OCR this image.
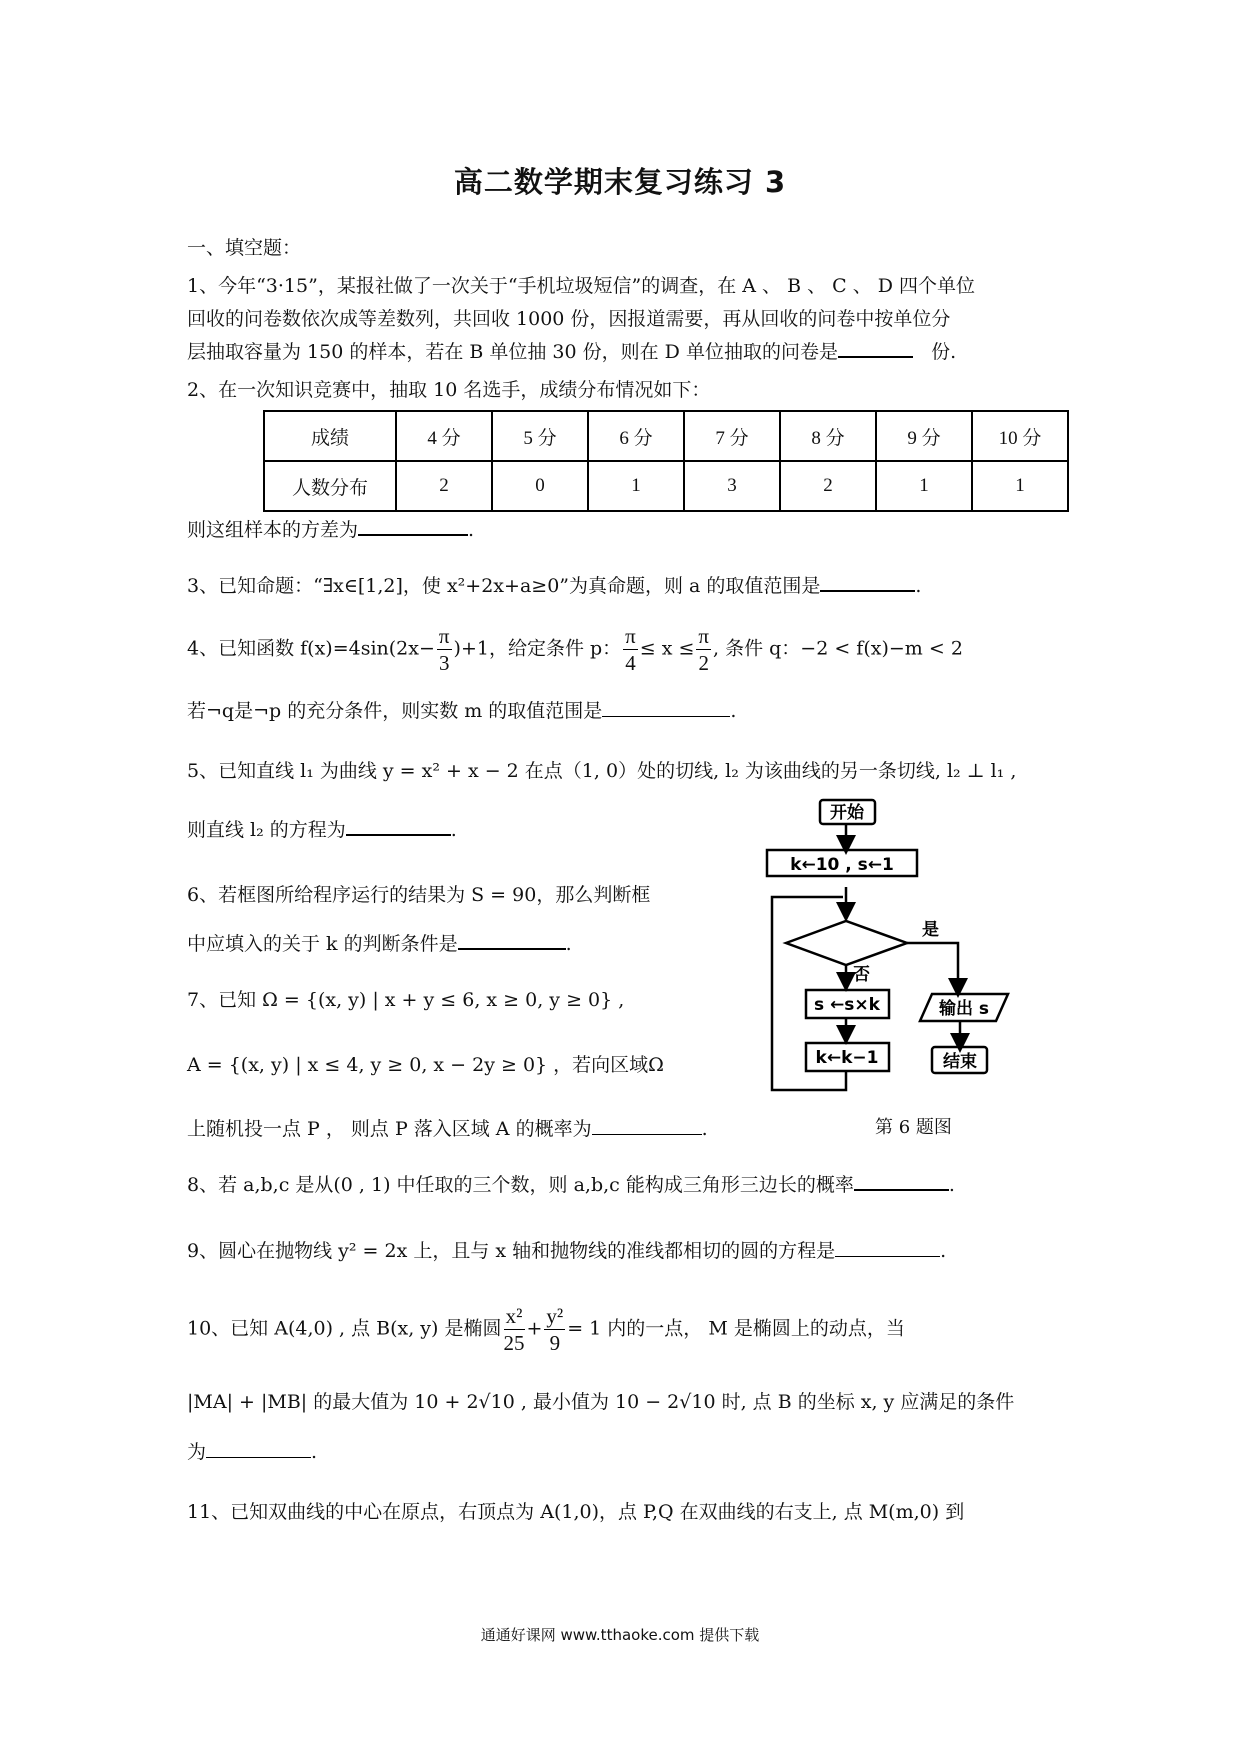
高二数学期末复习练习 3
一、填空题：
1、今年“3·15”，某报社做了一次关于“手机垃圾短信”的调查，在 A 、 B 、 C 、 D 四个单位
回收的问卷数依次成等差数列，共回收 1000 份，因报道需要，再从回收的问卷中按单位分
层抽取容量为 150 的样本，若在 B 单位抽 30 份，则在 D 单位抽取的问卷是	份.
2、在一次知识竞赛中，抽取 10 名选手，成绩分布情况如下：
成绩	4 分	5 分	6 分	7 分	8 分	9 分	10 分
人数分布	2	0	1	3	2	1	1
则这组样本的方差为	.
3、已知命题：“∃x∈[1,2]，使 x²+2x+a≥0”为真命题，则 a 的取值范围是	.
4、已知函数 $f(x)=4\sin(2x- \frac{\pi}{3} )+1$，给定条件 p： $\frac{\pi}{4} \le x \le \frac{\pi}{2}$ , 条件 q：−2 < f(x)−m < 2
若¬q是¬p 的充分条件，则实数 m 的取值范围是	.
5、已知直线 l₁ 为曲线 y = x² + x − 2 在点（1, 0）处的切线, l₂ 为该曲线的另一条切线, l₂ ⊥ l₁ ,
则直线 l₂ 的方程为	.
6、若框图所给程序运行的结果为 S = 90，那么判断框
中应填入的关于 k 的判断条件是	.
7、已知 Ω = {(x, y) | x + y ≤ 6, x ≥ 0, y ≥ 0} ,
A = {(x, y) | x ≤ 4, y ≥ 0, x − 2y ≥ 0} ，若向区域Ω
上随机投一点 P ， 则点 P 落入区域 A 的概率为	.
开始
k←10 , s←1
是
否
s ←s×k
k←k−1
输出 s
结束
第 6 题图
8、若 a,b,c 是从(0 , 1) 中任取的三个数，则 a,b,c 能构成三角形三边长的概率	.
9、圆心在抛物线 y² = 2x 上，且与 x 轴和抛物线的准线都相切的圆的方程是	.
10、已知 A(4,0) , 点 B(x, y) 是椭圆 $\frac{\text{x²}}{25} + \frac{\text{y²}}{9} = 1$ 内的一点， M 是椭圆上的动点，当
|MA| + |MB| 的最大值为 10 + 2√10 , 最小值为 10 − 2√10 时, 点 B 的坐标 x, y 应满足的条件
为	.
11、已知双曲线的中心在原点，右顶点为 A(1,0)，点 P,Q 在双曲线的右支上, 点 M(m,0) 到
通通好课网 www.tthaoke.com 提供下载
